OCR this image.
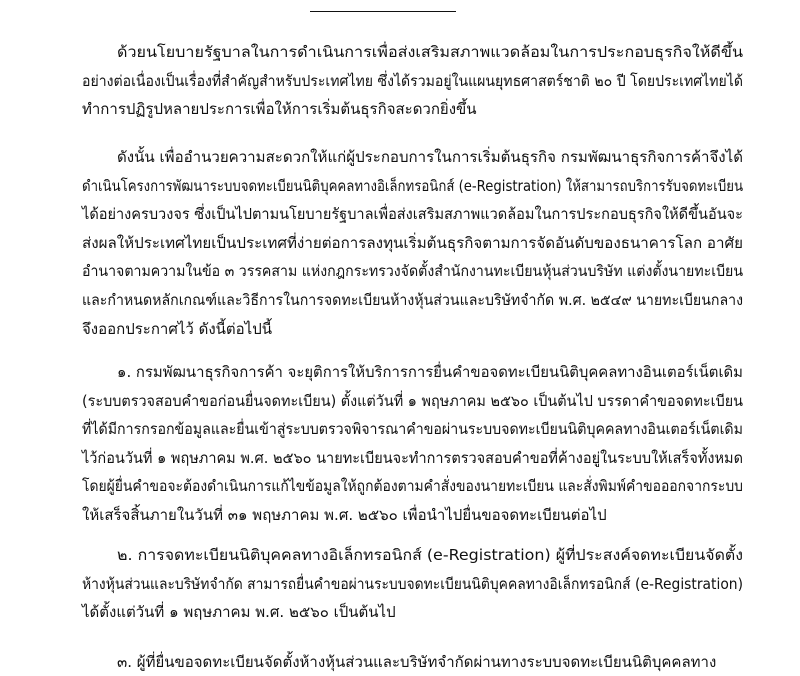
ด้วยนโยบายรัฐบาลในการดำเนินการเพื่อส่งเสริมสภาพแวดล้อมในการประกอบธุรกิจให้ดีขึ้น
อย่างต่อเนื่องเป็นเรื่องที่สำคัญสำหรับประเทศไทย ซึ่งได้รวมอยู่ในแผนยุทธศาสตร์ชาติ ๒๐ ปี โดยประเทศไทยได้
ทำการปฏิรูปหลายประการเพื่อให้การเริ่มต้นธุรกิจสะดวกยิ่งขึ้น
ดังนั้น เพื่ออำนวยความสะดวกให้แก่ผู้ประกอบการในการเริ่มต้นธุรกิจ กรมพัฒนาธุรกิจการค้าจึงได้
ดำเนินโครงการพัฒนาระบบจดทะเบียนนิติบุคคลทางอิเล็กทรอนิกส์ (e-Registration) ให้สามารถบริการรับจดทะเบียน
ได้อย่างครบวงจร ซึ่งเป็นไปตามนโยบายรัฐบาลเพื่อส่งเสริมสภาพแวดล้อมในการประกอบธุรกิจให้ดีขึ้นอันจะ
ส่งผลให้ประเทศไทยเป็นประเทศที่ง่ายต่อการลงทุนเริ่มต้นธุรกิจตามการจัดอันดับของธนาคารโลก อาศัย
อำนาจตามความในข้อ ๓ วรรคสาม แห่งกฎกระทรวงจัดตั้งสำนักงานทะเบียนหุ้นส่วนบริษัท แต่งตั้งนายทะเบียน
และกำหนดหลักเกณฑ์และวิธีการในการจดทะเบียนห้างหุ้นส่วนและบริษัทจำกัด พ.ศ. ๒๕๔๙ นายทะเบียนกลาง
จึงออกประกาศไว้ ดังนี้ต่อไปนี้
๑. กรมพัฒนาธุรกิจการค้า จะยุติการให้บริการการยื่นคำขอจดทะเบียนนิติบุคคลทางอินเตอร์เน็ตเดิม
(ระบบตรวจสอบคำขอก่อนยื่นจดทะเบียน) ตั้งแต่วันที่ ๑ พฤษภาคม ๒๕๖๐ เป็นต้นไป บรรดาคำขอจดทะเบียน
ที่ได้มีการกรอกข้อมูลและยื่นเข้าสู่ระบบตรวจพิจารณาคำขอผ่านระบบจดทะเบียนนิติบุคคลทางอินเตอร์เน็ตเดิม
ไว้ก่อนวันที่ ๑ พฤษภาคม พ.ศ. ๒๕๖๐ นายทะเบียนจะทำการตรวจสอบคำขอที่ค้างอยู่ในระบบให้เสร็จทั้งหมด
โดยผู้ยื่นคำขอจะต้องดำเนินการแก้ไขข้อมูลให้ถูกต้องตามคำสั่งของนายทะเบียน และสั่งพิมพ์คำขอออกจากระบบ
ให้เสร็จสิ้นภายในวันที่ ๓๑ พฤษภาคม พ.ศ. ๒๕๖๐ เพื่อนำไปยื่นขอจดทะเบียนต่อไป
๒. การจดทะเบียนนิติบุคคลทางอิเล็กทรอนิกส์ (e-Registration) ผู้ที่ประสงค์จดทะเบียนจัดตั้ง
ห้างหุ้นส่วนและบริษัทจำกัด สามารถยื่นคำขอผ่านระบบจดทะเบียนนิติบุคคลทางอิเล็กทรอนิกส์ (e-Registration)
ได้ตั้งแต่วันที่ ๑ พฤษภาคม พ.ศ. ๒๕๖๐ เป็นต้นไป
๓. ผู้ที่ยื่นขอจดทะเบียนจัดตั้งห้างหุ้นส่วนและบริษัทจำกัดผ่านทางระบบจดทะเบียนนิติบุคคลทาง
